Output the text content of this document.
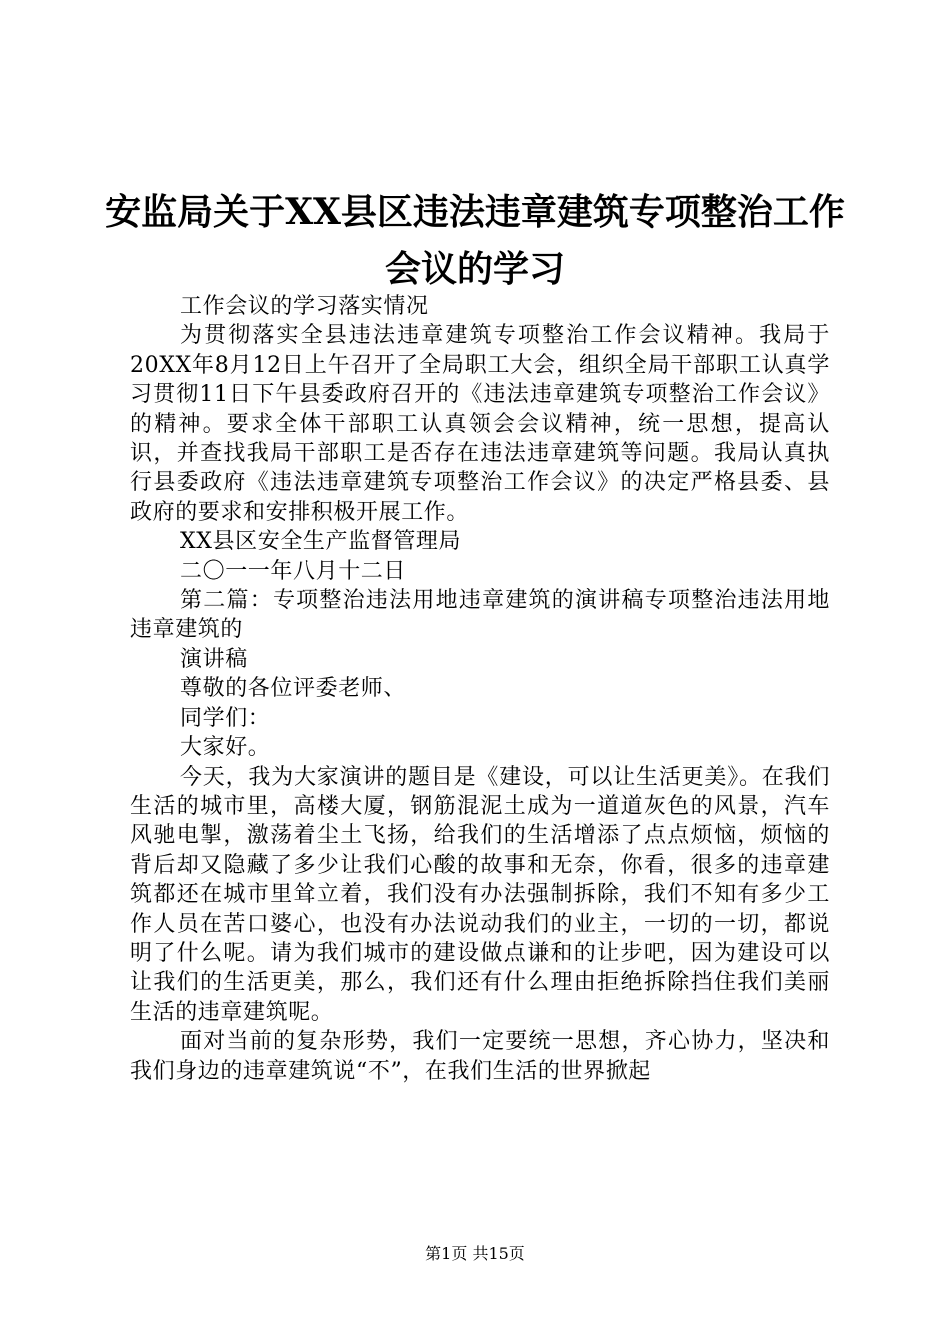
安监局关于XX县区违法违章建筑专项整治工作会议的学习

工作会议的学习落实情况

为贯彻落实全县违法违章建筑专项整治工作会议精神。我局于20XX年8月12日上午召开了全局职工大会，组织全局干部职工认真学习贯彻11日下午县委政府召开的《违法违章建筑专项整治工作会议》的精神。要求全体干部职工认真领会会议精神，统一思想，提高认识，并查找我局干部职工是否存在违法违章建筑等问题。我局认真执行县委政府《违法违章建筑专项整治工作会议》的决定严格县委、县政府的要求和安排积极开展工作。

XX县区安全生产监督管理局

二〇一一年八月十二日

第二篇：专项整治违法用地违章建筑的演讲稿专项整治违法用地违章建筑的

演讲稿

尊敬的各位评委老师、

同学们：

大家好。

今天，我为大家演讲的题目是《建设，可以让生活更美》。在我们生活的城市里，高楼大厦，钢筋混泥土成为一道道灰色的风景，汽车风驰电掣，激荡着尘土飞扬，给我们的生活增添了点点烦恼，烦恼的背后却又隐藏了多少让我们心酸的故事和无奈，你看，很多的违章建筑都还在城市里耸立着，我们没有办法强制拆除，我们不知有多少工作人员在苦口婆心，也没有办法说动我们的业主，一切的一切，都说明了什么呢。请为我们城市的建设做点谦和的让步吧，因为建设可以让我们的生活更美，那么，我们还有什么理由拒绝拆除挡住我们美丽生活的违章建筑呢。

面对当前的复杂形势，我们一定要统一思想，齐心协力，坚决和我们身边的违章建筑说“不”，在我们生活的世界掀起

第1页 共15页
